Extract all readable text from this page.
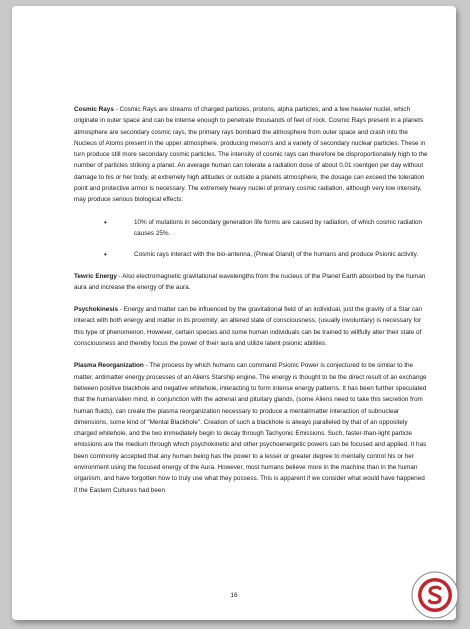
Cosmic Rays - Cosmic Rays are streams of charged particles, protons, alpha particles, and a few heavier nuclei, which originate in outer space and can be intense enough to penetrate thousands of feet of rock. Cosmic Rays present in a planets atmosphere are secondary cosmic rays, the primary rays bombard the atmosphere from outer space and crash into the Nucleus of Atoms present in the upper atmosphere, producing meson's and a variety of secondary nuclear particles. These in turn produce still more secondary cosmic particles. The intensity of cosmic rays can therefore be disproportionately high to the number of particles striking a planet. An average human can tolerate a radiation dose of about 0.01 roentgen per day without damage to his or her body, at extremely high altitudes or outside a planets atmosphere, the dosage can exceed the toleration point and protective armor is necessary. The extremely heavy nuclei of primary cosmic radiation, although very low intensity, may produce serious biological effects:

•	10% of mutations in secondary generation life forms are caused by radiation, of which cosmic radiation causes 25%.
•	Cosmic rays interact with the bio-antenna, (Pineal Gland) of the humans and produce Psionic activity.

Tewric Energy - Also electromagnetic gravitational wavelengths from the nucleus of the Planet Earth absorbed by the human aura and increase the energy of the aura.

Psychokinesis - Energy and matter can be influenced by the gravitational field of an individual, just the gravity of a Star can interact with both energy and matter in its proximity; an altered state of consciousness, (usually involuntary) is necessary for this type of phenomenon. However, certain species and some human individuals can be trained to willfully alter their state of consciousness and thereby focus the power of their aura and utilize latent psionic abilities.

Plasma Reorganization - The process by which humans can command Psionic Power is conjectured to be similar to the matter, antimatter energy processes of an Aliens Starship engine. The energy is thought to be the direct result of an exchange between positive blackhole and negative whitehole, interacting to form intense energy patterns. It has been further speculated that the human/alien mind, in conjunction with the adrenal and pituitary glands, (some Aliens need to take this secretion from human fluids), can create the plasma reorganization necessary to produce a mental/matter interaction of subnuclear dimensions, some kind of "Mental Blackhole". Creation of such a blackhole is always paralleled by that of an oppositely charged whitehole, and the two immediately begin to decay through Tachyonic Emissions. Such, faster-than-light particle emissions are the medium through which psychokinetic and other psychoenergetic powers can be focused and applied. It has been commonly accepted that any human being has the power to a lesser or greater degree to mentally control his or her environment using the focused energy of the Aura. However, most humans believe more in the machine than in the human organism, and have forgotten how to truly use what they possess. This is apparent if we consider what would have happened if the Eastern Cultures had been

16
